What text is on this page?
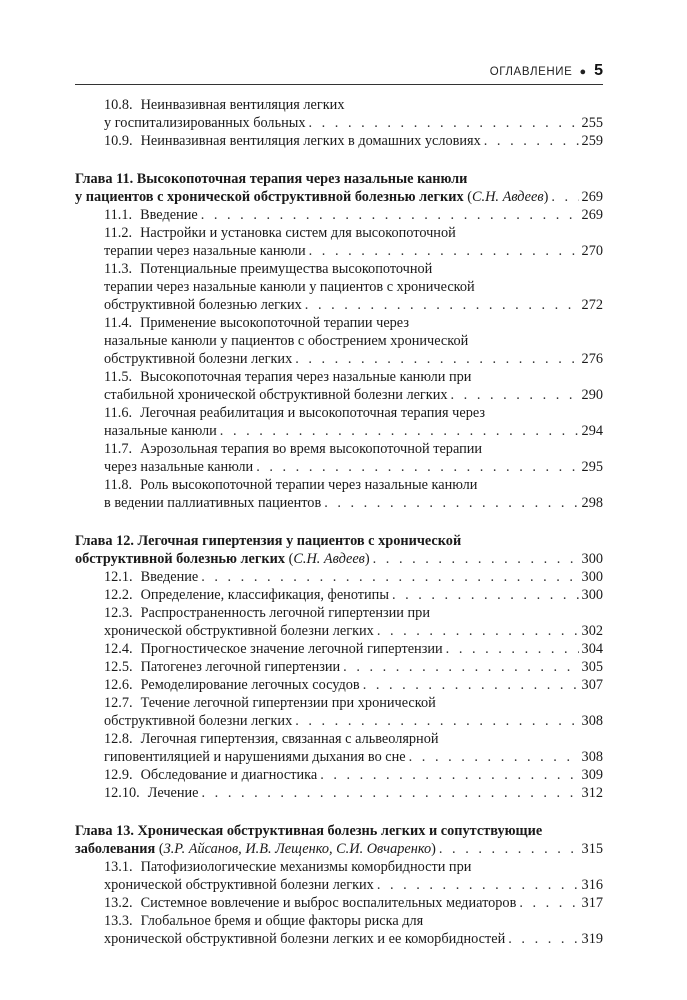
ОГЛАВЛЕНИЕ ● 5
10.8. Неинвазивная вентиляция легких
у госпитализированных больных . . .	255
10.9. Неинвазивная вентиляция легких в домашних условиях . . .	259
Глава 11. Высокопоточная терапия через назальные канюли
у пациентов с хронической обструктивной болезнью легких (С.Н. Авдеев) . . . 269
11.1. Введение . . .	269
11.2. Настройки и установка систем для высокопоточной
терапии через назальные канюли . . .	270
11.3. Потенциальные преимущества высокопоточной
терапии через назальные канюли у пациентов с хронической
обструктивной болезнью легких . . .	272
11.4. Применение высокопоточной терапии через
назальные канюли у пациентов с обострением хронической
обструктивной болезни легких . . .	276
11.5. Высокопоточная терапия через назальные канюли при
стабильной хронической обструктивной болезни легких . . .	290
11.6. Легочная реабилитация и высокопоточная терапия через
назальные канюли . . .	294
11.7. Аэрозольная терапия во время высокопоточной терапии
через назальные канюли . . .	295
11.8. Роль высокопоточной терапии через назальные канюли
в ведении паллиативных пациентов . . .	298
Глава 12. Легочная гипертензия у пациентов с хронической
обструктивной болезнью легких (С.Н. Авдеев) . . .	300
12.1. Введение . . .	300
12.2. Определение, классификация, фенотипы . . .	300
12.3. Распространенность легочной гипертензии при
хронической обструктивной болезни легких . . .	302
12.4. Прогностическое значение легочной гипертензии . . .	304
12.5. Патогенез легочной гипертензии . . .	305
12.6. Ремоделирование легочных сосудов . . .	307
12.7. Течение легочной гипертензии при хронической
обструктивной болезни легких . . .	308
12.8. Легочная гипертензия, связанная с альвеолярной
гиповентиляцией и нарушениями дыхания во сне . . .	308
12.9. Обследование и диагностика . . .	309
12.10. Лечение . . .	312
Глава 13. Хроническая обструктивная болезнь легких и сопутствующие
заболевания (З.Р. Айсанов, И.В. Лещенко, С.И. Овчаренко) . . .	315
13.1. Патофизиологические механизмы коморбидности при
хронической обструктивной болезни легких . . .	316
13.2. Системное вовлечение и выброс воспалительных медиаторов . . .	317
13.3. Глобальное бремя и общие факторы риска для
хронической обструктивной болезни легких и ее коморбидностей . . .	319
